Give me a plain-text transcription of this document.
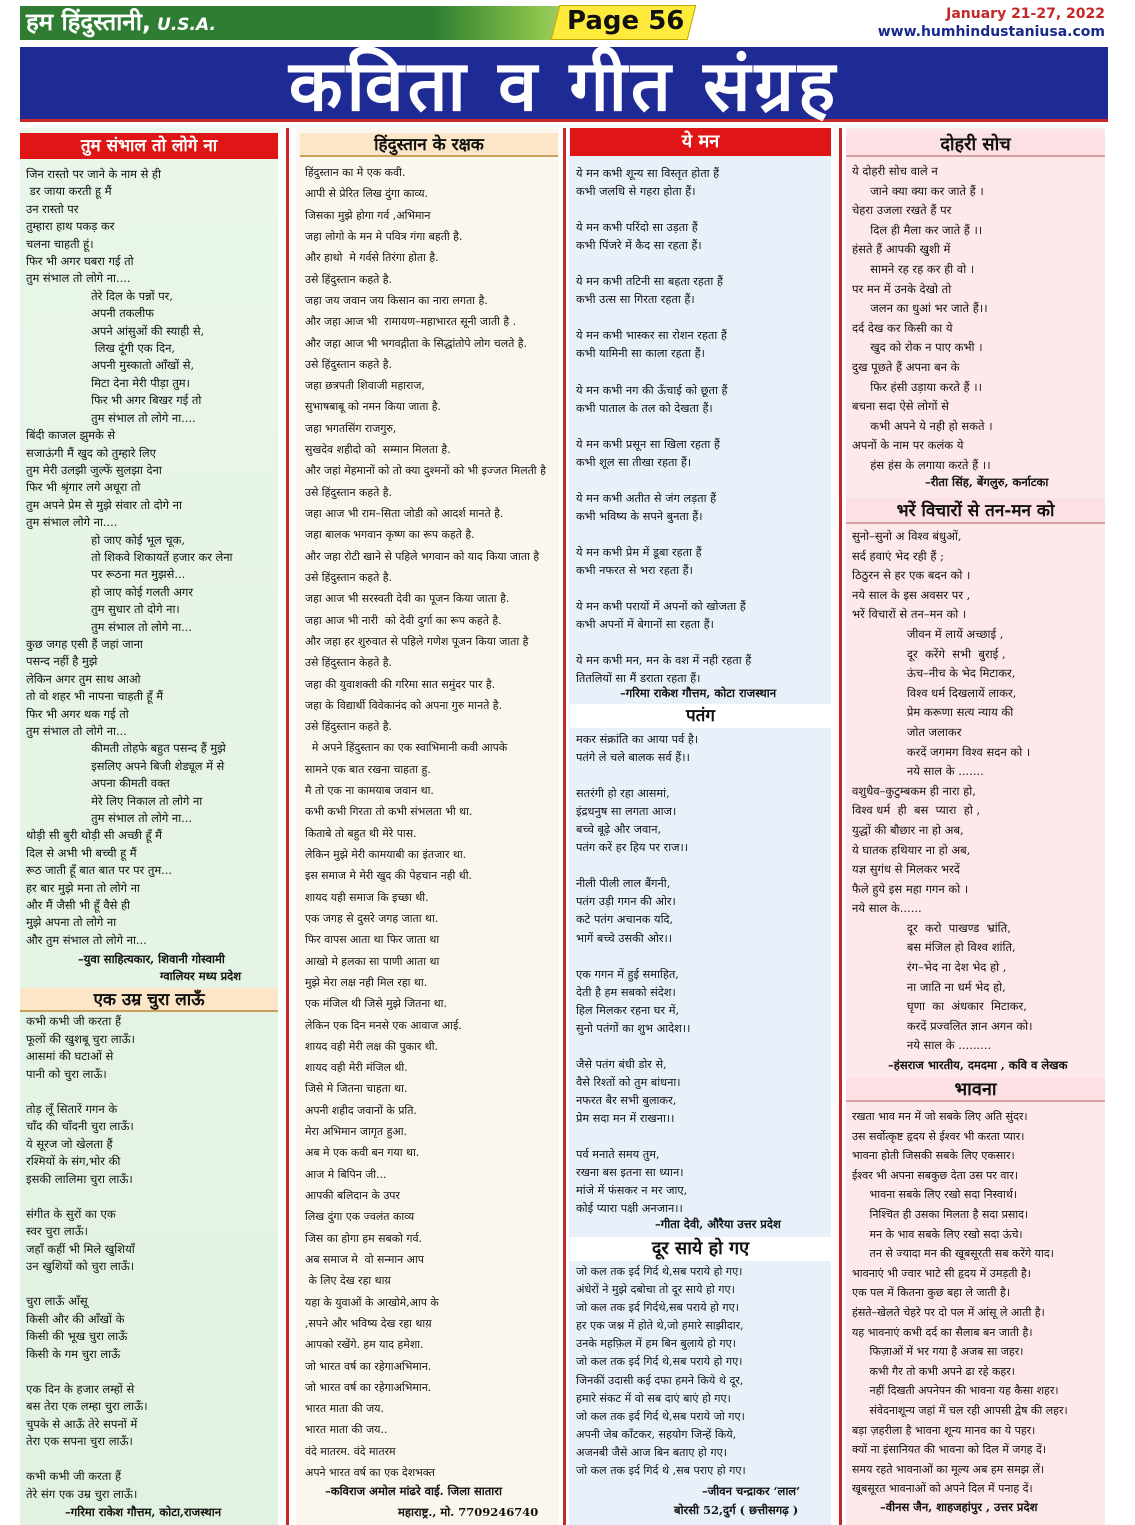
हम हिंदुस्तानी, U.S.A.	Page 56	January 21-27, 2022
www.humhindustaniusa.com
कविता व गीत संग्रह
तुम संभाल तो लोगे ना
जिन रास्तो पर जाने के नाम से ही
डर जाया करती हू मैं
उन रास्तो पर
तुम्हारा हाथ पकड़ कर
चलना चाहती हूं।
फिर भी अगर घबरा गई तो
तुम संभाल तो लोगे ना....
तेरे दिल के पन्नों पर,
अपनी तकलीफ
अपने आंसुओं की स्याही से,
लिख दूंगी एक दिन,
अपनी मुस्कातो आँखों से,
मिटा देना मेरी पीड़ा तुम।
फिर भी अगर बिखर गई तो
तुम संभाल तो लोगे ना....
बिंदी काजल झुमके से
सजाऊंगी मैं खुद को तुम्हारे लिए
तुम मेरी उलझी जुल्फें सुलझा देना
फिर भी श्रृंगार लगे अधूरा तो
तुम अपने प्रेम से मुझे संवार तो दोगे ना
तुम संभाल लोगे ना....
हो जाए कोई भूल चूक,
तो शिकवे शिकायतें हजार कर लेना
पर रूठना मत मुझसे...
हो जाए कोई गलती अगर
तुम सुधार तो दोगे ना।
तुम संभाल तो लोगे ना...
कुछ जगह एसी हैं जहां जाना
पसन्द नहीं है मुझे
लेकिन अगर तुम साथ आओ
तो वो शहर भी नापना चाहती हूँ मैं
फिर भी अगर थक गई तो
तुम संभाल तो लोगे ना...
कीमती तोहफे बहुत पसन्द हैं मुझे
इसलिए अपने बिजी शेड्यूल में से
अपना कीमती वक्त
मेरे लिए निकाल तो लोगे ना
तुम संभाल तो लोगे ना...
थोड़ी सी बुरी थोड़ी सी अच्छी हूँ मैं
दिल से अभी भी बच्ची हू मैं
रूठ जाती हूँ बात बात पर पर तुम...
हर बार मुझे मना तो लोगे ना
और मैं जैसी भी हूँ वैसे ही
मुझे अपना तो लोगे ना
और तुम संभाल तो लोगे ना...
–युवा साहित्यकार, शिवानी गोस्वामी
ग्वालियर मध्य प्रदेश
एक उम्र चुरा लाऊँ
कभी कभी जी करता हैं
फूलों की खुशबू चुरा लाऊँ।
आसमां की घटाओं से
पानी को चुरा लाऊँ।

तोड़ लूँ सितारें गगन के
चाँद की चाँदनी चुरा लाऊँ।
ये सूरज जो खेलता हैं
रश्मियों के संग,भोर की
इसकी लालिमा चुरा लाऊँ।

संगीत के सुरों का एक
स्वर चुरा लाऊँ।
जहाँ कहीं भी मिले खुशियाँ
उन खुशियों को चुरा लाऊँ।

चुरा लाऊँ आँसू
किसी और की आँखों के
किसी की भूख चुरा लाऊँ
किसी के गम चुरा लाऊँ

एक दिन के हजार लम्हों से
बस तेरा एक लम्हा चुरा लाऊँ।
चुपके से आऊँ तेरे सपनों में
तेरा एक सपना चुरा लाऊँ।

कभी कभी जी करता हैं
तेरे संग एक उम्र चुरा लाऊँ।
–गरिमा राकेश गौत्तम, कोटा,राजस्थान
हिंदुस्तान के रक्षक
हिंदुस्तान का मे एक कवी.
आपी से प्रेरित लिख दुंगा काव्य.
जिसका मुझे होगा गर्व ,अभिमान
जहा लोगो के मन मे पवित्र गंगा बहती है.
और हाथो  मे गर्वसे तिरंगा होता है.
उसे हिंदुस्तान कहते है.
जहा जय जवान जय किसान का नारा लगता है.
और जहा आज भी  रामायण–महाभारत सूनी जाती है .
और जहा आज भी भगवद्गीता के सिद्धांतोपे लोग चलते है.
उसे हिंदुस्तान कहते है.
जहा छत्रपती शिवाजी महाराज,
सुभाषबाबू को नमन किया जाता है.
जहा भगतसिंग राजगुरु,
सुखदेव शहीदो को  सम्मान मिलता है.
और जहां मेहमानों को तो क्या दुश्मनों को भी इज्जत मिलती है
उसे हिंदुस्तान कहते है.
जहा आज भी राम–सिता जोडी को आदर्श मानते है.
जहा बालक भगवान कृष्ण का रूप कहते है.
और जहा रोटी खाने से पहिले भगवान को याद किया जाता है
उसे हिंदुस्तान कहते है.
जहा आज भी सरस्वती देवी का पूजन किया जाता है.
जहा आज भी नारी  को देवी दुर्गा का रूप कहते है.
और जहा हर शुरुवात से पहिले गणेश पूजन किया जाता है
उसे हिंदुस्तान केहते है.
जहा की युवाशक्ती की गरिमा सात समुंदर पार है.
जहा के विद्यार्थी विवेकानंद को अपना गुरु मानते है.
उसे हिंदुस्तान कहते है.
मे अपने हिंदुस्तान का एक स्वाभिमानी कवी आपके
सामने एक बात रखना चाहता हु.
मै तो एक ना कामयाब जवान था.
कभी कभी गिरता तो कभी संभलता भी था.
किताबे तो बहुत थी मेरे पास.
लेकिन मुझे मेरी कामयाबी का इंतजार था.
इस समाज मे मेरी खुद की पेहचान नही थी.
शायद यही समाज कि इच्छा थी.
एक जगह से दुसरे जगह जाता था.
फिर वापस आता था फिर जाता था
आखो मे हलका सा पाणी आता था
मुझे मेरा लक्ष नही मिल रहा था.
एक मंजिल थी जिसे मुझे जितना था.
लेकिन एक दिन मनसे एक आवाज आई.
शायद वही मेरी लक्ष की पुकार थी.
शायद वही मेरी मंजिल थी.
जिसे मे जितना चाहता था.
अपनी शहीद जवानों के प्रति.
मेरा अभिमान जागृत हुआ.
अब मे एक कवी बन गया था.
आज मे बिपिन जी...
आपकी बलिदान के उपर
लिख दुंगा एक ज्वलंत काव्य
जिस का होगा हम सबको गर्व.
अब समाज मे  वो सन्मान आप
के लिए देख रहा थाय़
यहा के युवाओं के आखोमे,आप के
,सपने और भविष्य देख रहा थाय़
आपको रखेंगे. हम याद हमेशा.
जो भारत वर्ष का रहेगाअभिमान.
जो भारत वर्ष का रहेगाअभिमान.
भारत माता की जय.
भारत माता की जय..
वंदे मातरम. वंदे मातरम
अपने भारत वर्ष का एक देशभक्त
–कविराज अमोल मांढरे वाई. जिला सातारा
महाराष्ट्र., मो. 7709246740
ये मन
ये मन कभी शून्य सा विस्तृत होता हैं
कभी जलधि से गहरा होता हैं।

ये मन कभी परिंदो सा उड़ता हैं
कभी पिंजरे में कैद सा रहता हैं।

ये मन कभी तटिनी सा बहता रहता हैं
कभी उत्स सा गिरता रहता हैं।

ये मन कभी भास्कर सा रोशन रहता हैं
कभी यामिनी सा काला रहता हैं।

ये मन कभी नग की ऊँचाई को छूता हैं
कभी पाताल के तल को देखता हैं।

ये मन कभी प्रसून सा खिला रहता हैं
कभी शूल सा तीखा रहता हैं।

ये मन कभी अतीत से जंग लड़ता हैं
कभी भविष्य के सपने बुनता हैं।

ये मन कभी प्रेम में डूबा रहता हैं
कभी नफरत से भरा रहता हैं।

ये मन कभी परायों में अपनों को खोजता हैं
कभी अपनों में बेगानों सा रहता हैं।

ये मन कभी मन, मन के वश में नही रहता हैं
तितलियों सा मैं डराता रहता हैं।
–गरिमा राकेश गौत्तम, कोटा राजस्थान
पतंग
मकर संक्रांति का आया पर्व है।
पतंगे ले चले बालक सर्व हैं।।

सतरंगी हो रहा आसमां,
इंद्रधनुष सा लगता आज।
बच्चे बूढ़े और जवान,
पतंग करें हर हिय पर राज।।

नीली पीली लाल बैंगनी,
पतंग उड़ी गगन की ओर।
कटे पतंग अचानक यदि,
भागें बच्चे उसकी ओर।।

एक गगन में हुई समाहित,
देती है हम सबको संदेश।
हिल मिलकर रहना घर में,
सुनो पतंगों का शुभ आदेश।।

जैसे पतंग बंधी डोर से,
वैसे रिश्तों को तुम बांधना।
नफरत बैर सभी बुलाकर,
प्रेम सदा मन में राखना।।

पर्व मनाते समय तुम,
रखना बस इतना सा ध्यान।
मांजे में फंसकर न मर जाए,
कोई प्यारा पक्षी अनजान।।
–गीता देवी, औरैया उत्तर प्रदेश
दूर साये हो गए
जो कल तक इर्द गिर्द थे,सब पराये हो गए।
अंधेरों ने मुझे दबोचा तो दूर साये हो गए।
जो कल तक इर्द गिर्दथे,सब पराये हो गए।
हर एक जश्न में होते थे,जो हमारे साझीदार,
उनके महफ़िल में हम बिन बुलाये हो गए।
जो कल तक इर्द गिर्द थे,सब पराये हो गए।
जिनकीं उदासी कई दफा हमने किये थे दूर,
हमारे संकट में वो सब दाएं बाएं हो गए।
जो कल तक इर्द गिर्द थे,सब पराये जो गए।
अपनी जेब काँटकर, सहयोग जिन्हें किये,
अजनबी जैसे आज बिन बताए हो गए।
जो कल तक इर्द गिर्द थे ,सब पराए हो गए।
–जीवन चन्द्राकर ‘लाल’
बोरसी 52,दुर्ग ( छत्तीसगढ़ )
दोहरी सोच
ये दोहरी सोच वाले न
जाने क्या क्या कर जाते हैं ।
चेहरा उजला रखते हैं पर
दिल ही मैला कर जाते हैं ।।
हंसते हैं आपकी खुशी में
सामने रह रह कर ही वो ।
पर मन में उनके देखो तो
जलन का धुआं भर जाते हैं।।
दर्द देख कर किसी का ये
खुद को रोक न पाए कभी ।
दुख पूछते हैं अपना बन के
फिर हंसी उड़ाया करते हैं ।।
बचना सदा ऐसे लोगों से
कभी अपने ये नही हो सकते ।
अपनों के नाम पर कलंक ये
हंस हंस के लगाया करते हैं ।।
–रीता सिंह, बेंगलुरु, कर्नाटका
भरें विचारों से तन-मन को
सुनो–सुनो अ विश्व बंधुओं,
सर्द हवाएं भेद रही हैं ;
ठिठुरन से हर एक बदन को ।
नये साल के इस अवसर पर ,
भरें विचारों से तन–मन को ।
जीवन में लायें अच्छाई ,
दूर  करेंगे  सभी  बुराई ,
ऊंच–नीच के भेद मिटाकर,
विश्व धर्म दिखलायें लाकर,
प्रेम करूणा सत्य न्याय की
जोत जलाकर
करदें जगमग विश्व सदन को ।
नये साल के .......
वशुधैव–कुटुम्बकम ही नारा हो,
विश्व धर्म  ही  बस  प्यारा  हो ,
युद्धों की बौछार ना हो अब,
ये घातक हथियार ना हो अब,
यज्ञ सुगंध से मिलकर भरदें
फैले हुये इस महा गगन को ।
नये साल के......
दूर  करो  पाखण्ड  भ्रांति,
बस मंजिल हो विश्व शांति,
रंग–भेद ना देश भेद हो ,
ना जाति ना धर्म भेद हो,
घृणा  का  अंधकार  मिटाकर,
करदें प्रज्वलित ज्ञान अगन को।
नये साल के .........
–हंसराज भारतीय, दमदमा , कवि व लेखक
भावना
रखता भाव मन में जो सबके लिए अति सुंदर।
उस सर्वोत्कृष्ट हृदय से ईश्वर भी करता प्यार।
भावना होती जिसकी सबके लिए एकसार।
ईश्वर भी अपना सबकुछ देता उस पर वार।
भावना सबके लिए रखो सदा निस्वार्थ।
निश्चित ही उसका मिलता है सदा प्रसाद।
मन के भाव सबके लिए रखो सदा ऊंचे।
तन से ज्यादा मन की खूबसूरती सब करेंगे याद।
भावनाएं भी ज्वार भाटे सी हृदय में उमड़ती है।
एक पल में कितना कुछ बहा ले जाती है।
हंसते–खेलते चेहरे पर दो पल में आंसू ले आती है।
यह भावनाएं कभी दर्द का सैलाब बन जाती है।
फिज़ाओं में भर गया है अजब सा जहर।
कभी गैर तो कभी अपने ढा रहे कहर।
नहीं दिखती अपनेपन की भावना यह कैसा शहर।
संवेदनाशून्य जहां में चल रही आपसी द्वेष की लहर।
बड़ा ज़हरीला है भावना शून्य मानव का ये पहर।
क्यों ना इंसानियत की भावना को दिल में जगह दें।
समय रहते भावनाओं का मूल्य अब हम समझ लें।
खूबसूरत भावनाओं को अपने दिल में पनाह दें।
–वीनस जैन, शाहजहांपुर , उत्तर प्रदेश
